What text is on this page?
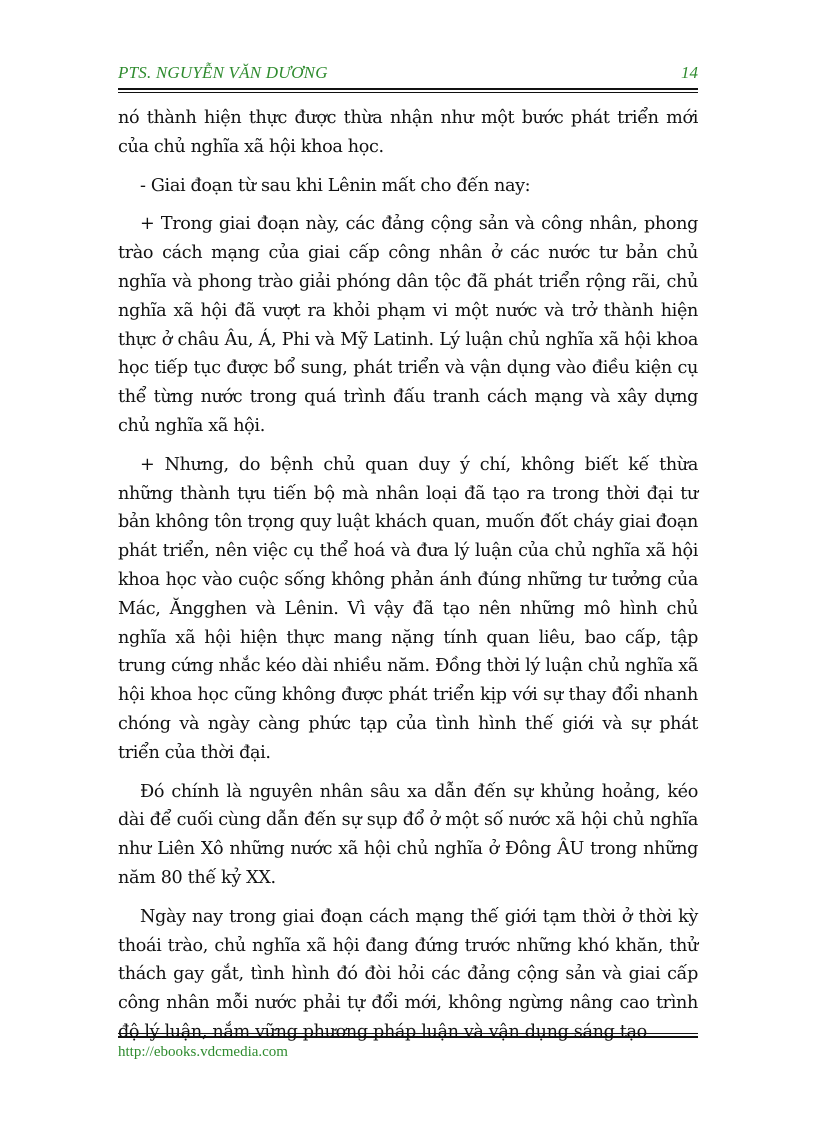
PTS. NGUYỄN VĂN DƯƠNG	14

nó thành hiện thực được thừa nhận như một bước phát triển mới của chủ nghĩa xã hội khoa học.

- Giai đoạn từ sau khi Lênin mất cho đến nay:

+ Trong giai đoạn này, các đảng cộng sản và công nhân, phong trào cách mạng của giai cấp công nhân ở các nước tư bản chủ nghĩa và phong trào giải phóng dân tộc đã phát triển rộng rãi, chủ nghĩa xã hội đã vượt ra khỏi phạm vi một nước và trở thành hiện thực ở châu Âu, Á, Phi và Mỹ Latinh. Lý luận chủ nghĩa xã hội khoa học tiếp tục được bổ sung, phát triển và vận dụng vào điều kiện cụ thể từng nước trong quá trình đấu tranh cách mạng và xây dựng chủ nghĩa xã hội.

+ Nhưng, do bệnh chủ quan duy ý chí, không biết kế thừa những thành tựu tiến bộ mà nhân loại đã tạo ra trong thời đại tư bản không tôn trọng quy luật khách quan, muốn đốt cháy giai đoạn phát triển, nên việc cụ thể hoá và đưa lý luận của chủ nghĩa xã hội khoa học vào cuộc sống không phản ánh đúng những tư tưởng của Mác, Ăngghen và Lênin. Vì vậy đã tạo nên những mô hình chủ nghĩa xã hội hiện thực mang nặng tính quan liêu, bao cấp, tập trung cứng nhắc kéo dài nhiều năm. Đồng thời lý luận chủ nghĩa xã hội khoa học cũng không được phát triển kịp với sự thay đổi nhanh chóng và ngày càng phức tạp của tình hình thế giới và sự phát triển của thời đại.

Đó chính là nguyên nhân sâu xa dẫn đến sự khủng hoảng, kéo dài để cuối cùng dẫn đến sự sụp đổ ở một số nước xã hội chủ nghĩa như Liên Xô những nước xã hội chủ nghĩa ở Đông ÂU trong những năm 80 thế kỷ XX.

Ngày nay trong giai đoạn cách mạng thế giới tạm thời ở thời kỳ thoái trào, chủ nghĩa xã hội đang đứng trước những khó khăn, thử thách gay gắt, tình hình đó đòi hỏi các đảng cộng sản và giai cấp công nhân mỗi nước phải tự đổi mới, không ngừng nâng cao trình độ lý luận, nắm vững phương pháp luận và vận dụng sáng tạo

http://ebooks.vdcmedia.com
